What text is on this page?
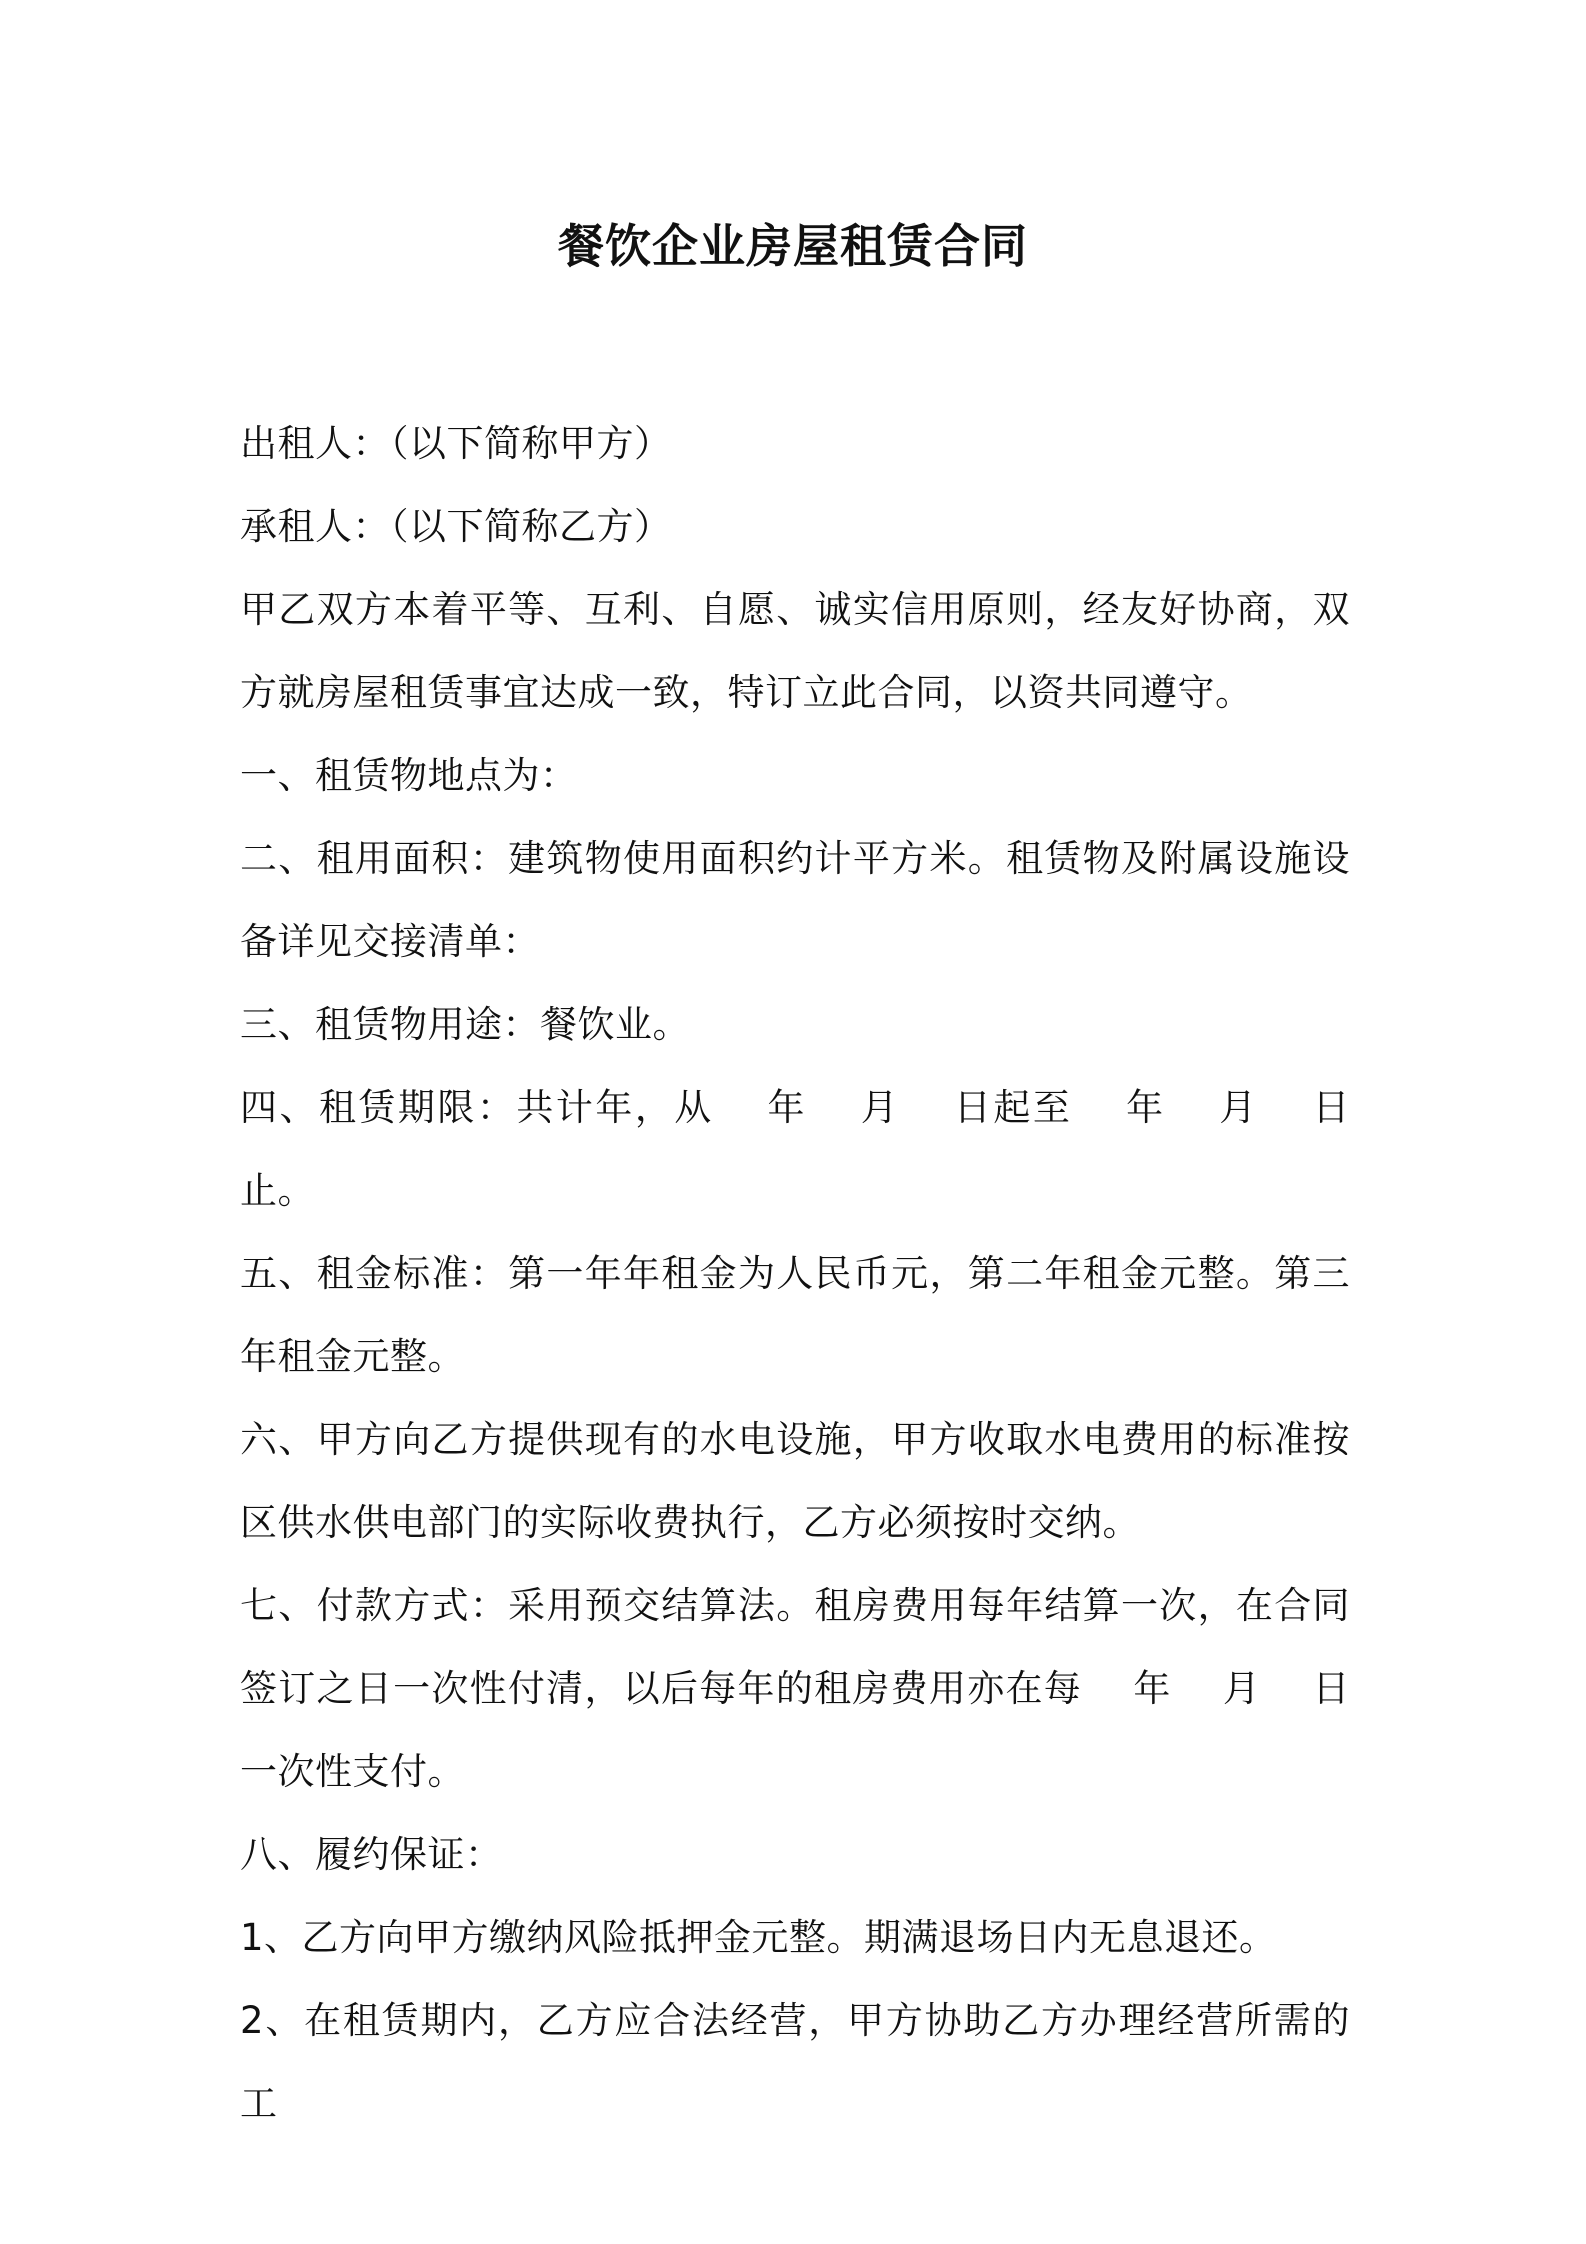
餐饮企业房屋租赁合同

出租人：（以下简称甲方）

承租人：（以下简称乙方）

甲乙双方本着平等、互利、自愿、诚实信用原则，经友好协商，双方就房屋租赁事宜达成一致，特订立此合同，以资共同遵守。

一、租赁物地点为：

二、租用面积：建筑物使用面积约计平方米。租赁物及附属设施设备详见交接清单：

三、租赁物用途：餐饮业。

四、租赁期限：共计年，从　 年　 月　 日起至　 年　 月　 日止。

五、租金标准：第一年年租金为人民币元，第二年租金元整。第三年租金元整。

六、甲方向乙方提供现有的水电设施，甲方收取水电费用的标准按区供水供电部门的实际收费执行，乙方必须按时交纳。

七、付款方式：采用预交结算法。租房费用每年结算一次，在合同签订之日一次性付清，以后每年的租房费用亦在每　 年　 月　 日一次性支付。

八、履约保证：

1、乙方向甲方缴纳风险抵押金元整。期满退场日内无息退还。

2、在租赁期内，乙方应合法经营，甲方协助乙方办理经营所需的工
